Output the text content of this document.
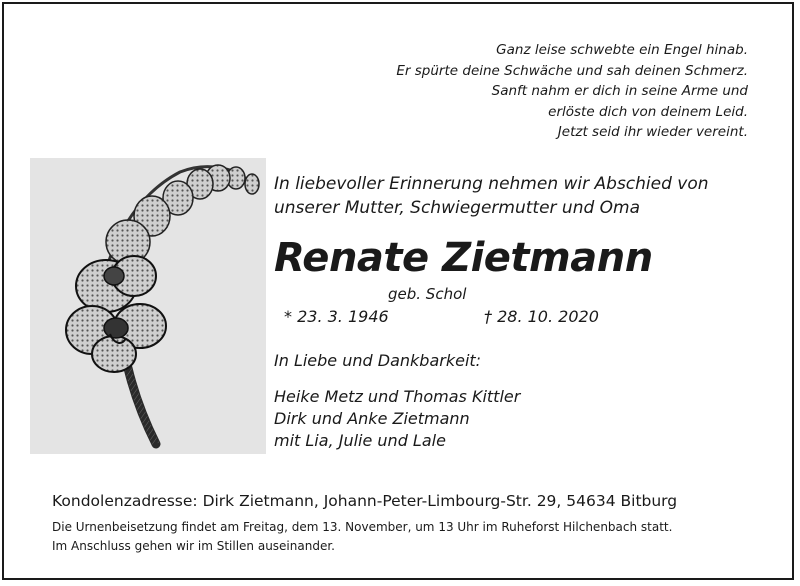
Ganz leise schwebte ein Engel hinab.
Er spürte deine Schwäche und sah deinen Schmerz.
Sanft nahm er dich in seine Arme und
erlöste dich von deinem Leid.
Jetzt seid ihr wieder vereint.
In liebevoller Erinnerung nehmen wir Abschied von
unserer Mutter, Schwiegermutter und Oma
Renate Zietmann
geb. Schol
* 23. 3. 1946	† 28. 10. 2020
In Liebe und Dankbarkeit:
Heike Metz und Thomas Kittler
Dirk und Anke Zietmann
mit Lia, Julie und Lale
Kondolenzadresse: Dirk Zietmann, Johann-Peter-Limbourg-Str. 29, 54634 Bitburg
Die Urnenbeisetzung findet am Freitag, dem 13. November, um 13 Uhr im Ruheforst Hilchenbach statt.
Im Anschluss gehen wir im Stillen auseinander.
